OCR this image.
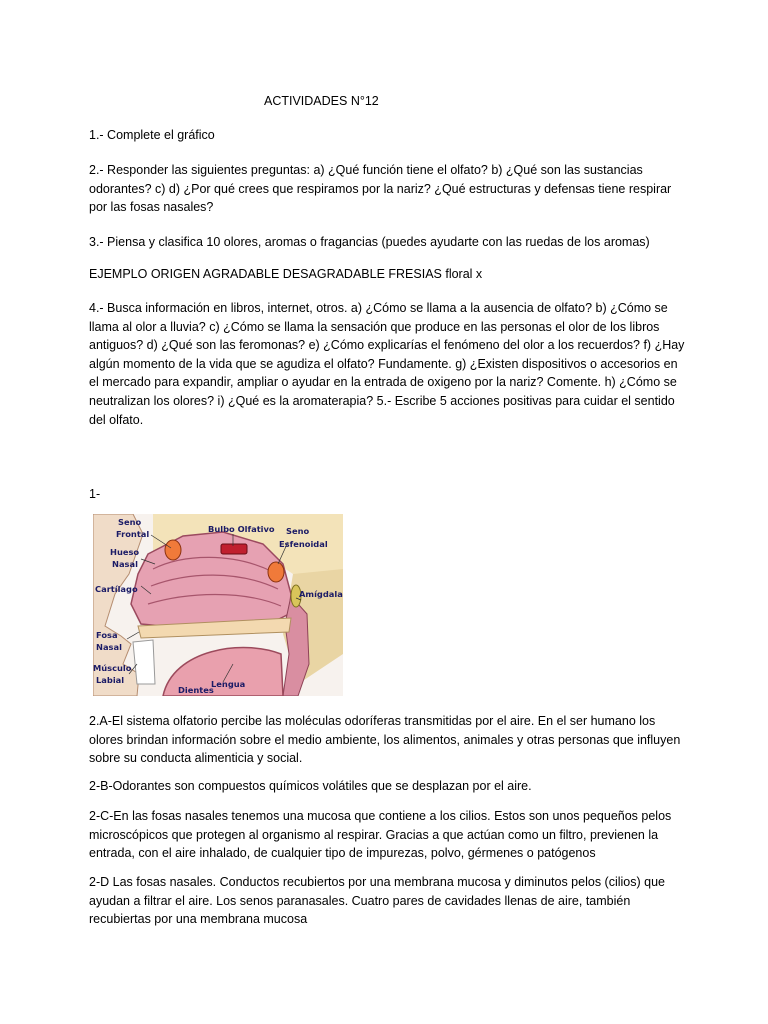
ACTIVIDADES N°12

1.- Complete el gráfico

2.- Responder las siguientes preguntas: a) ¿Qué función tiene el olfato? b) ¿Qué son las sustancias odorantes? c) d) ¿Por qué crees que respiramos por la nariz? ¿Qué estructuras y defensas tiene respirar por las fosas nasales?

3.- Piensa y clasifica 10 olores, aromas o fragancias (puedes ayudarte con las ruedas de los aromas)

EJEMPLO ORIGEN AGRADABLE DESAGRADABLE FRESIAS floral x

4.- Busca información en libros, internet, otros. a) ¿Cómo se llama a la ausencia de olfato? b) ¿Cómo se llama al olor a lluvia? c) ¿Cómo se llama la sensación que produce en las personas el olor de los libros antiguos? d) ¿Qué son las feromonas? e) ¿Cómo explicarías el fenómeno del olor a los recuerdos? f) ¿Hay algún momento de la vida que se agudiza el olfato? Fundamente. g) ¿Existen dispositivos o accesorios en el mercado para expandir, ampliar o ayudar en la entrada de oxigeno por la nariz? Comente. h) ¿Cómo se neutralizan los olores? i) ¿Qué es la aromaterapia? 5.- Escribe 5 acciones positivas para cuidar el sentido del olfato.

1-

Seno
Frontal
Hueso
Nasal
Cartílago
Fosa
Nasal
Músculo
Labial
Bulbo Olfativo Seno
Esfenoidal
Amígdala
Lengua
Dientes

2.A-El sistema olfatorio percibe las moléculas odoríferas transmitidas por el aire. En el ser humano los olores brindan información sobre el medio ambiente, los alimentos, animales y otras personas que influyen sobre su conducta alimenticia y social.

2-B-Odorantes son compuestos químicos volátiles que se desplazan por el aire.

2-C-En las fosas nasales tenemos una mucosa que contiene a los cilios. Estos son unos pequeños pelos microscópicos que protegen al organismo al respirar. Gracias a que actúan como un filtro, previenen la entrada, con el aire inhalado, de cualquier tipo de impurezas, polvo, gérmenes o patógenos

2-D Las fosas nasales. Conductos recubiertos por una membrana mucosa y diminutos pelos (cilios) que ayudan a filtrar el aire. Los senos paranasales. Cuatro pares de cavidades llenas de aire, también recubiertas por una membrana mucosa
